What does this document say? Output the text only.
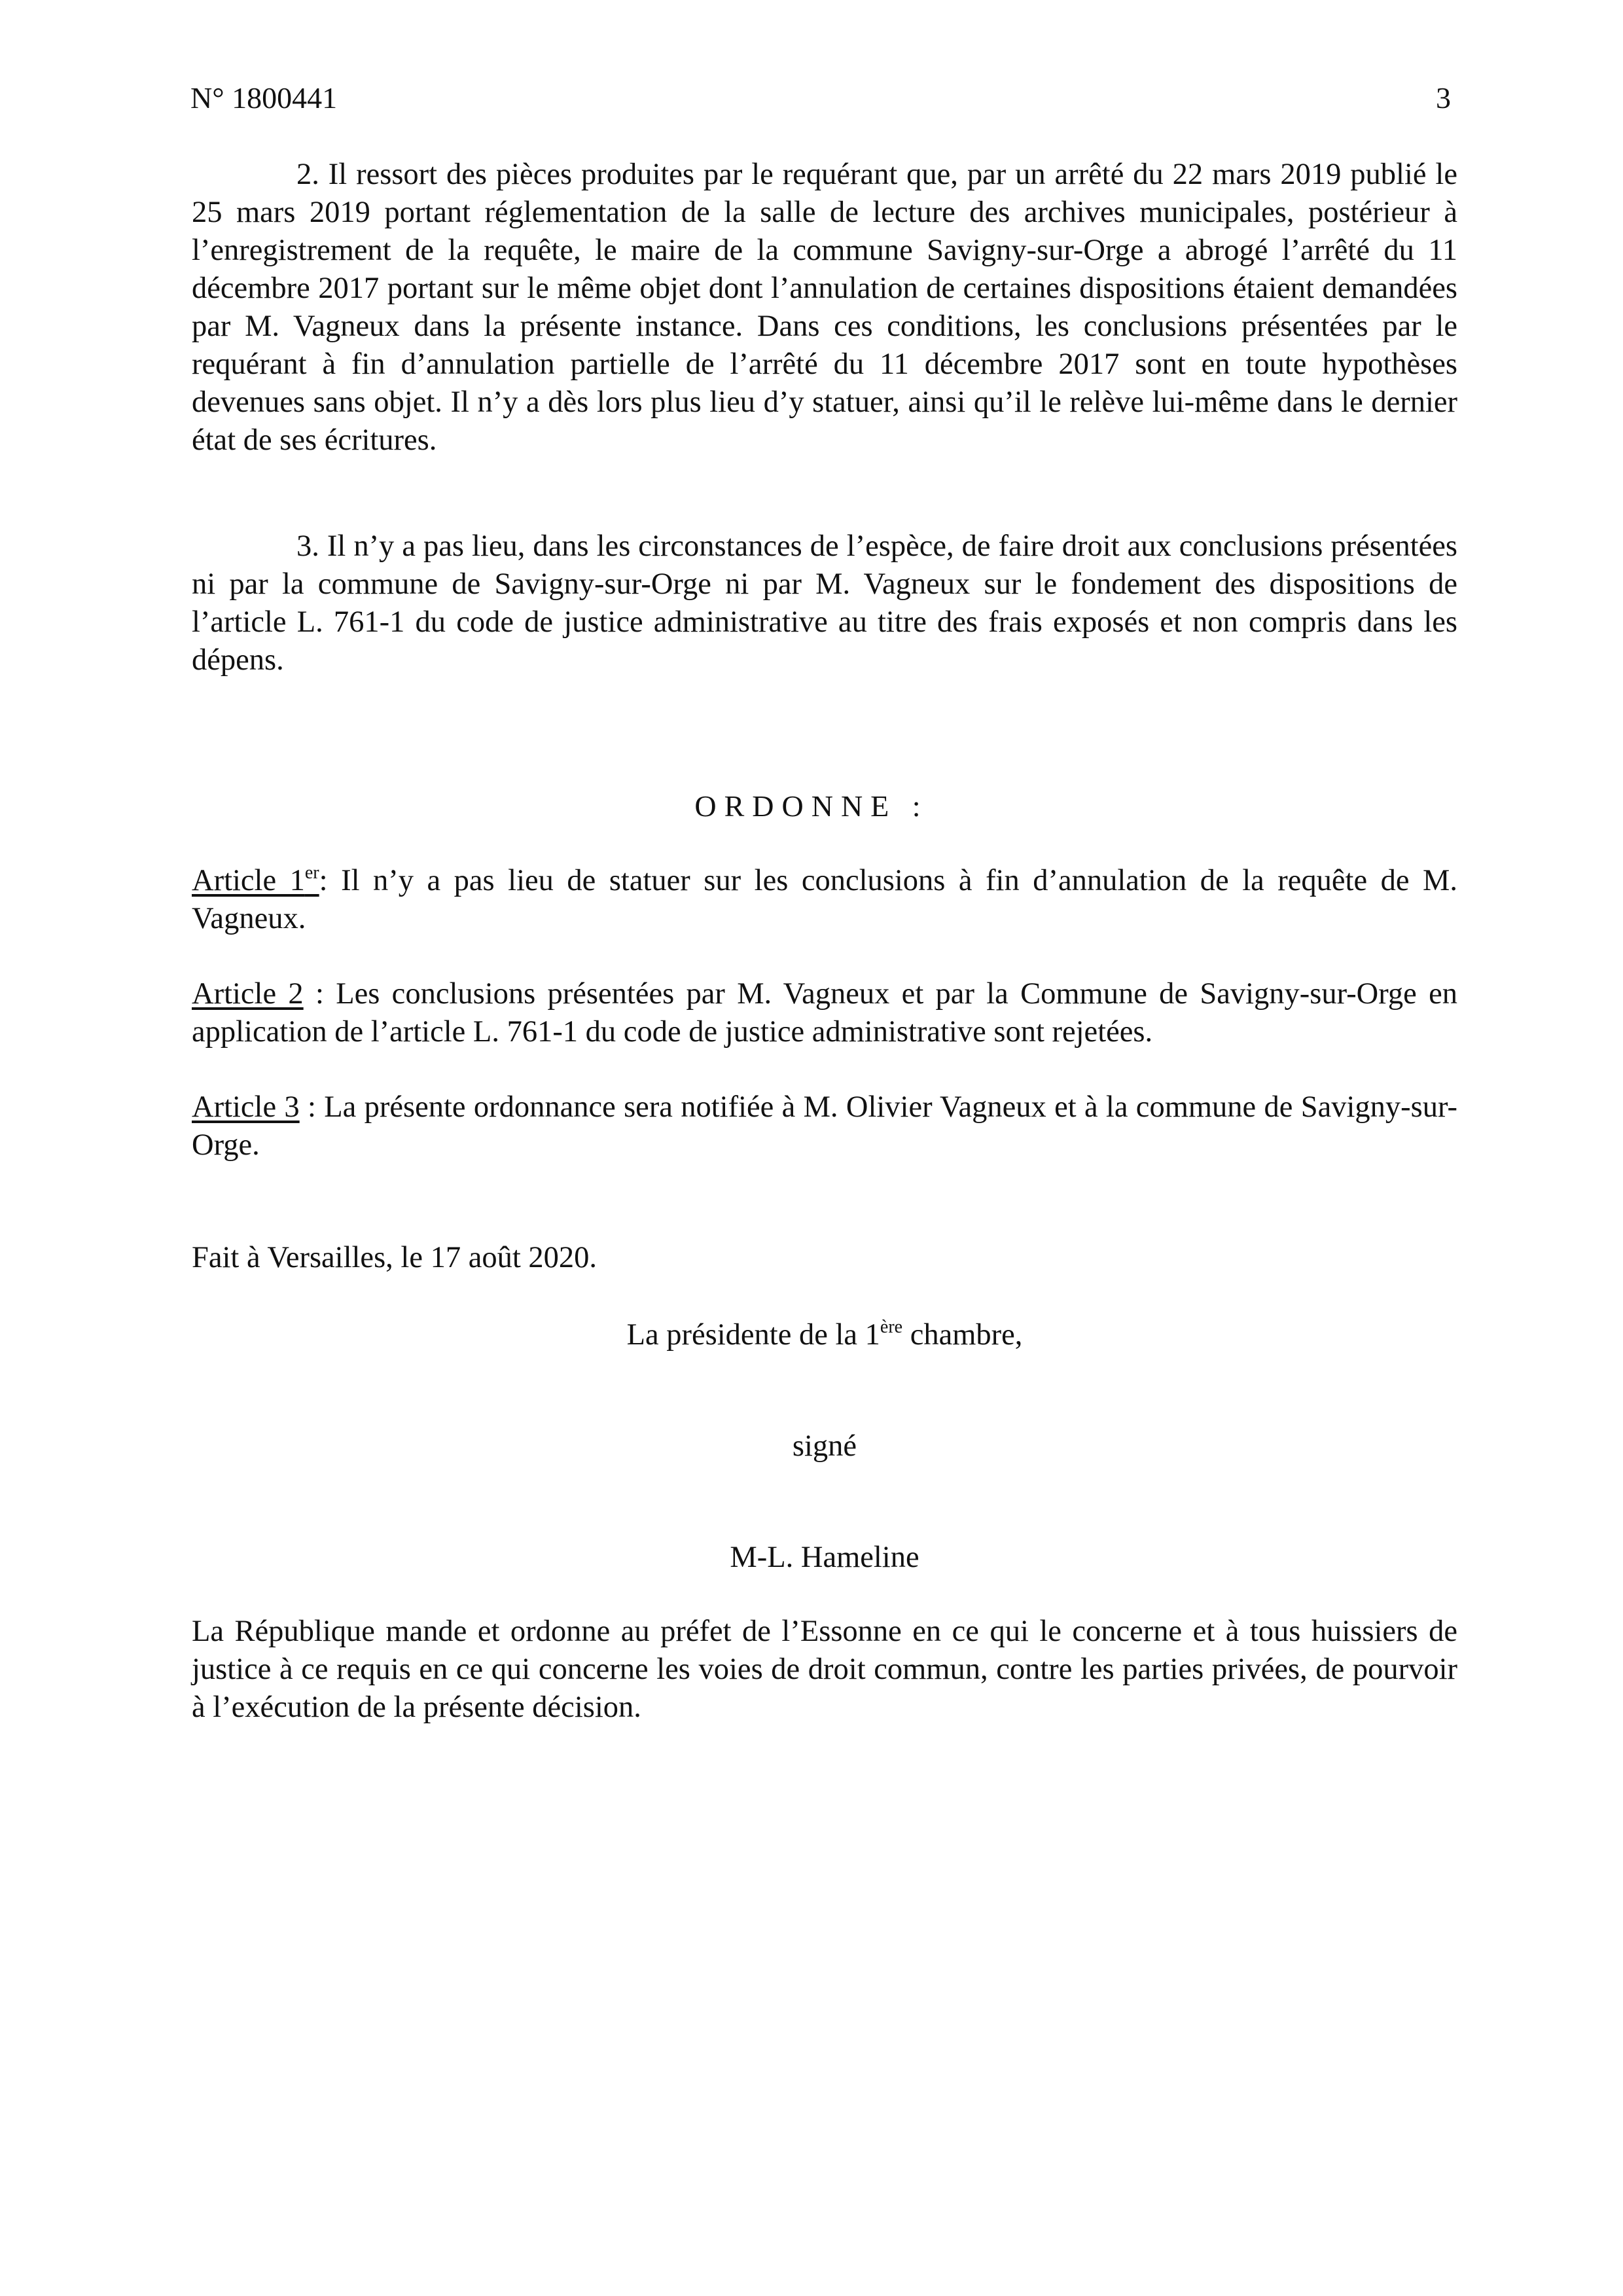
N° 1800441	3

2. Il ressort des pièces produites par le requérant que, par un arrêté du 22 mars 2019 publié le 25 mars 2019 portant réglementation de la salle de lecture des archives municipales, postérieur à l’enregistrement de la requête, le maire de la commune Savigny-sur-Orge a abrogé l’arrêté du 11 décembre 2017 portant sur le même objet dont l’annulation de certaines dispositions étaient demandées par M. Vagneux dans la présente instance. Dans ces conditions, les conclusions présentées par le requérant à fin d’annulation partielle de l’arrêté du 11 décembre 2017 sont en toute hypothèses devenues sans objet. Il n’y a dès lors plus lieu d’y statuer, ainsi qu’il le relève lui-même dans le dernier état de ses écritures.

3. Il n’y a pas lieu, dans les circonstances de l’espèce, de faire droit aux conclusions présentées ni par la commune de Savigny-sur-Orge ni par M. Vagneux sur le fondement des dispositions de l’article L. 761-1 du code de justice administrative au titre des frais exposés et non compris dans les dépens.

ORDONNE :

Article 1er: Il n’y a pas lieu de statuer sur les conclusions à fin d’annulation de la requête de M. Vagneux.

Article 2 : Les conclusions présentées par M. Vagneux et par la Commune de Savigny-sur-Orge en application de l’article L. 761-1 du code de justice administrative sont rejetées.

Article 3 : La présente ordonnance sera notifiée à M. Olivier Vagneux et à la commune de Savigny-sur-Orge.

Fait à Versailles, le 17 août 2020.
La présidente de la 1ère chambre,
signé
M-L. Hameline

La République mande et ordonne au préfet de l’Essonne en ce qui le concerne et à tous huissiers de justice à ce requis en ce qui concerne les voies de droit commun, contre les parties privées, de pourvoir à l’exécution de la présente décision.
